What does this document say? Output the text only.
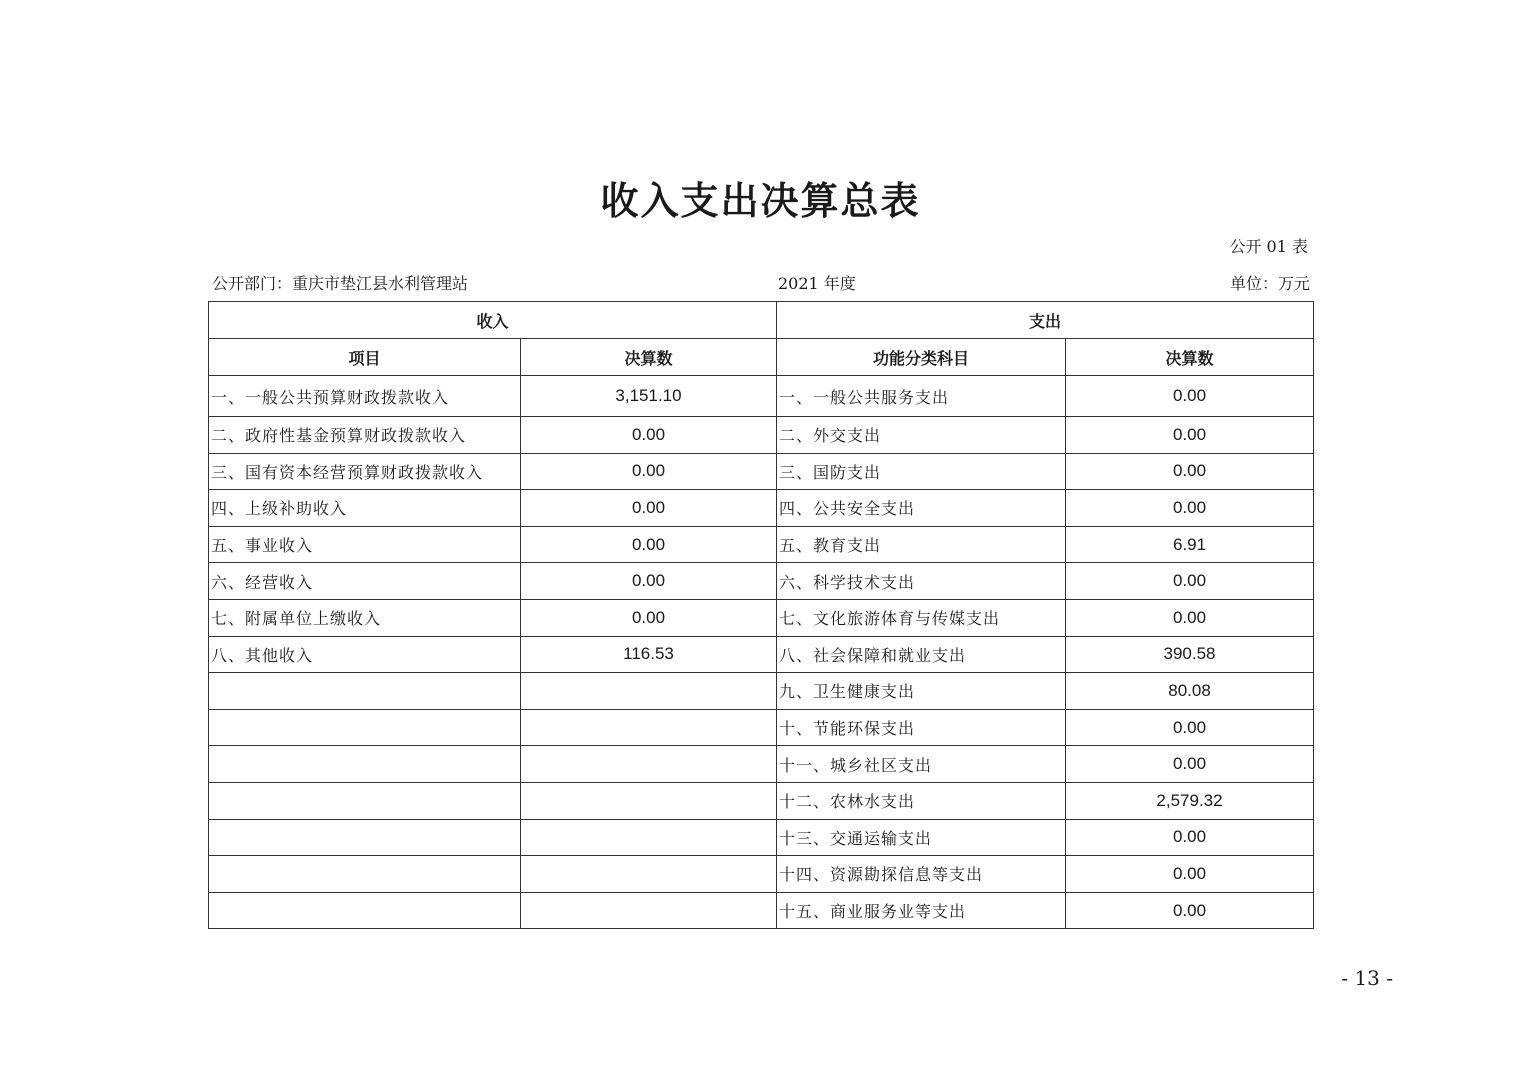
收入支出决算总表
公开 01 表
公开部门：重庆市垫江县水利管理站	2021 年度	单位：万元
收入		支出	
项目	决算数	功能分类科目	决算数
一、一般公共预算财政拨款收入	3,151.10	一、一般公共服务支出	0.00
二、政府性基金预算财政拨款收入	0.00	二、外交支出	0.00
三、国有资本经营预算财政拨款收入	0.00	三、国防支出	0.00
四、上级补助收入	0.00	四、公共安全支出	0.00
五、事业收入	0.00	五、教育支出	6.91
六、经营收入	0.00	六、科学技术支出	0.00
七、附属单位上缴收入	0.00	七、文化旅游体育与传媒支出	0.00
八、其他收入	116.53	八、社会保障和就业支出	390.58
		九、卫生健康支出	80.08
		十、节能环保支出	0.00
		十一、城乡社区支出	0.00
		十二、农林水支出	2,579.32
		十三、交通运输支出	0.00
		十四、资源勘探信息等支出	0.00
		十五、商业服务业等支出	0.00
- 13 -
